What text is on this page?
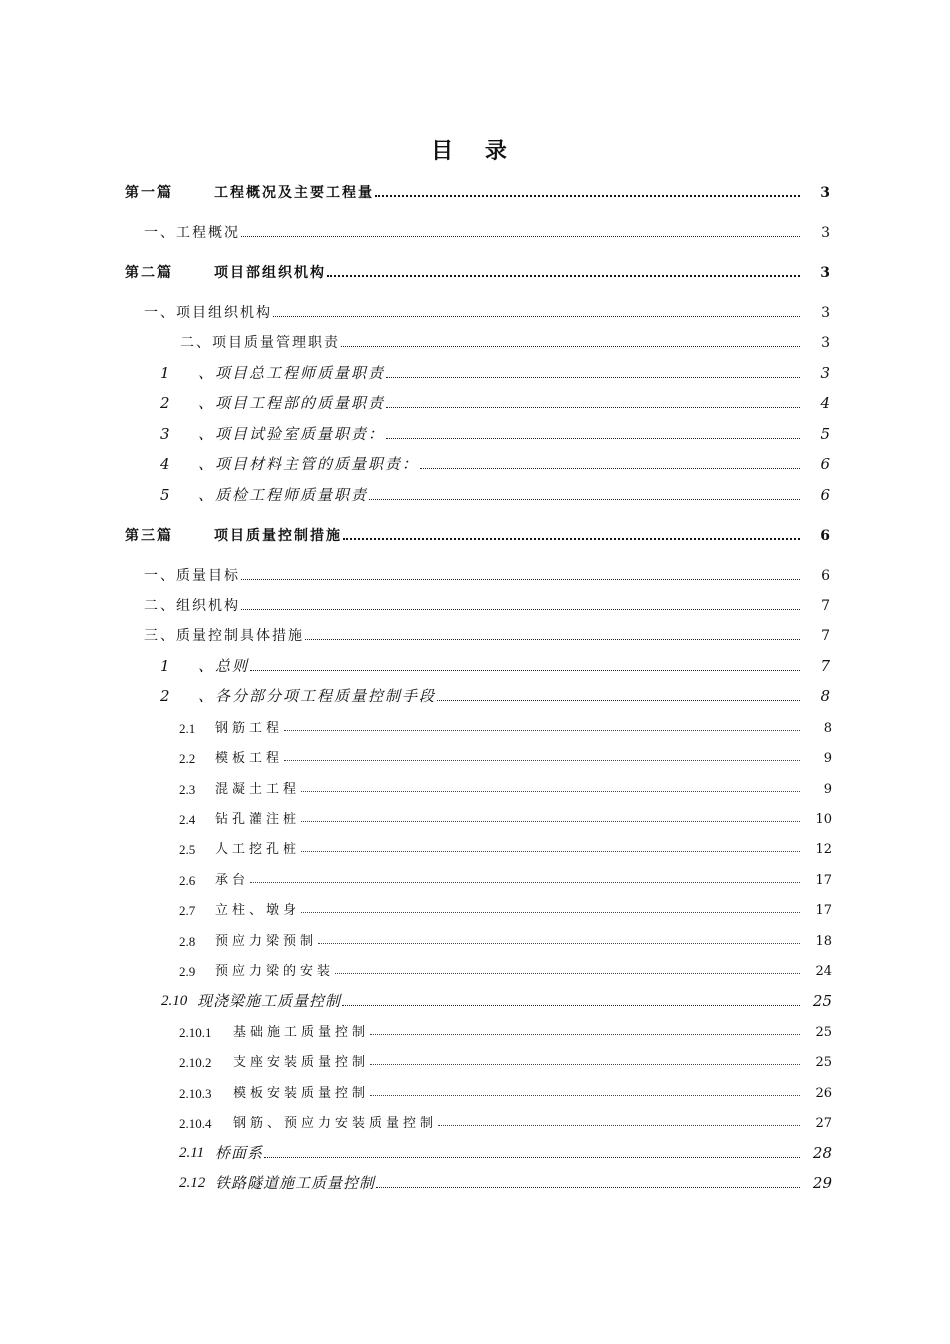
目 录
第一篇	工程概况及主要工程量	3
一、工程概况	3
第二篇	项目部组织机构	3
一、项目组织机构	3
二、项目质量管理职责	3
1	、项目总工程师质量职责	3
2	、项目工程部的质量职责	4
3	、项目试验室质量职责：	5
4	、项目材料主管的质量职责：	6
5	、质检工程师质量职责	6
第三篇	项目质量控制措施	6
一、质量目标	6
二、组织机构	7
三、质量控制具体措施	7
1	、总则	7
2	、各分部分项工程质量控制手段	8
2.1	钢筋工程	8
2.2	模板工程	9
2.3	混凝土工程	9
2.4	钻孔灌注桩	10
2.5	人工挖孔桩	12
2.6	承台	17
2.7	立柱、墩身	17
2.8	预应力梁预制	18
2.9	预应力梁的安装	24
2.10 现浇梁施工质量控制	25
2.10.1	基础施工质量控制	25
2.10.2	支座安装质量控制	25
2.10.3	模板安装质量控制	26
2.10.4	钢筋、预应力安装质量控制	27
2.11 桥面系	28
2.12 铁路隧道施工质量控制	29
